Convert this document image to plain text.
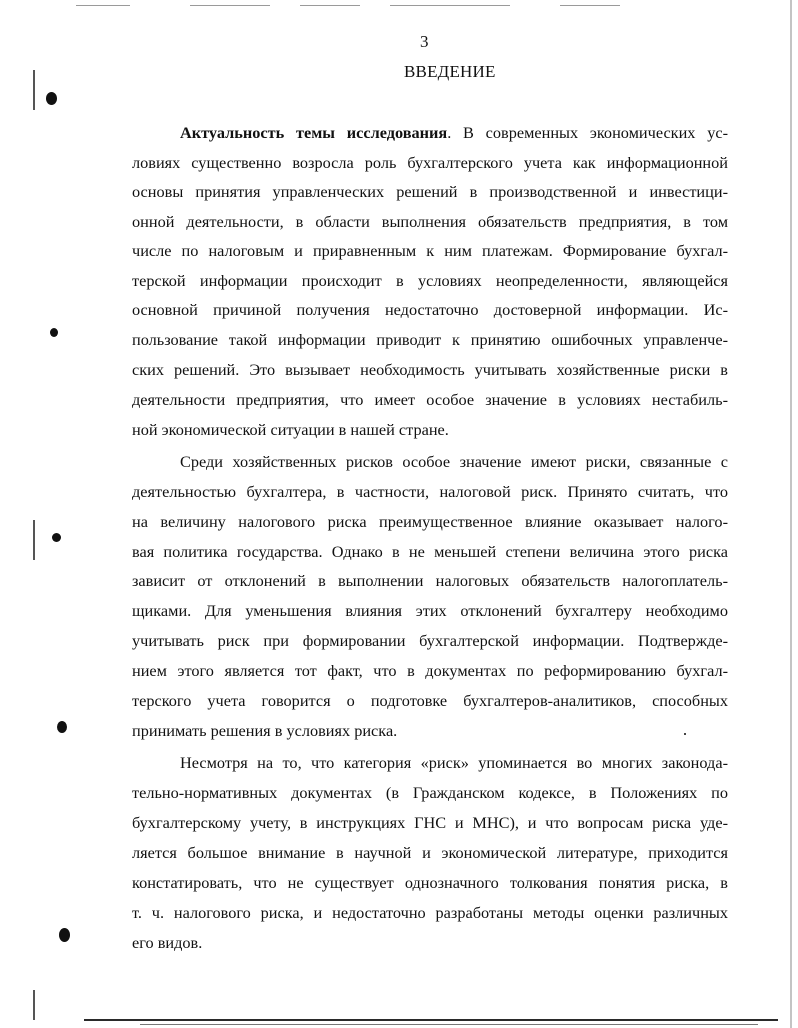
3
ВВЕДЕНИЕ
Актуальность темы исследования. В современных экономических ус-
ловиях существенно возросла роль бухгалтерского учета как информационной
основы принятия управленческих решений в производственной и инвестици-
онной деятельности, в области выполнения обязательств предприятия, в том
числе по налоговым и приравненным к ним платежам. Формирование бухгал-
терской информации происходит в условиях неопределенности, являющейся
основной причиной получения недостаточно достоверной информации. Ис-
пользование такой информации приводит к принятию ошибочных управленче-
ских решений. Это вызывает необходимость учитывать хозяйственные риски в
деятельности предприятия, что имеет особое значение в условиях нестабиль-
ной экономической ситуации в нашей стране.
Среди хозяйственных рисков особое значение имеют риски, связанные с
деятельностью бухгалтера, в частности, налоговой риск. Принято считать, что
на величину налогового риска преимущественное влияние оказывает налого-
вая политика государства. Однако в не меньшей степени величина этого риска
зависит от отклонений в выполнении налоговых обязательств налогоплатель-
щиками. Для уменьшения влияния этих отклонений бухгалтеру необходимо
учитывать риск при формировании бухгалтерской информации. Подтвержде-
нием этого является тот факт, что в документах по реформированию бухгал-
терского учета говорится о подготовке бухгалтеров-аналитиков, способных
принимать решения в условиях риска.
Несмотря на то, что категория «риск» упоминается во многих законода-
тельно-нормативных документах (в Гражданском кодексе, в Положениях по
бухгалтерскому учету, в инструкциях ГНС и МНС), и что вопросам риска уде-
ляется большое внимание в научной и экономической литературе, приходится
констатировать, что не существует однозначного толкования понятия риска, в
т. ч. налогового риска, и недостаточно разработаны методы оценки различных
его видов.
